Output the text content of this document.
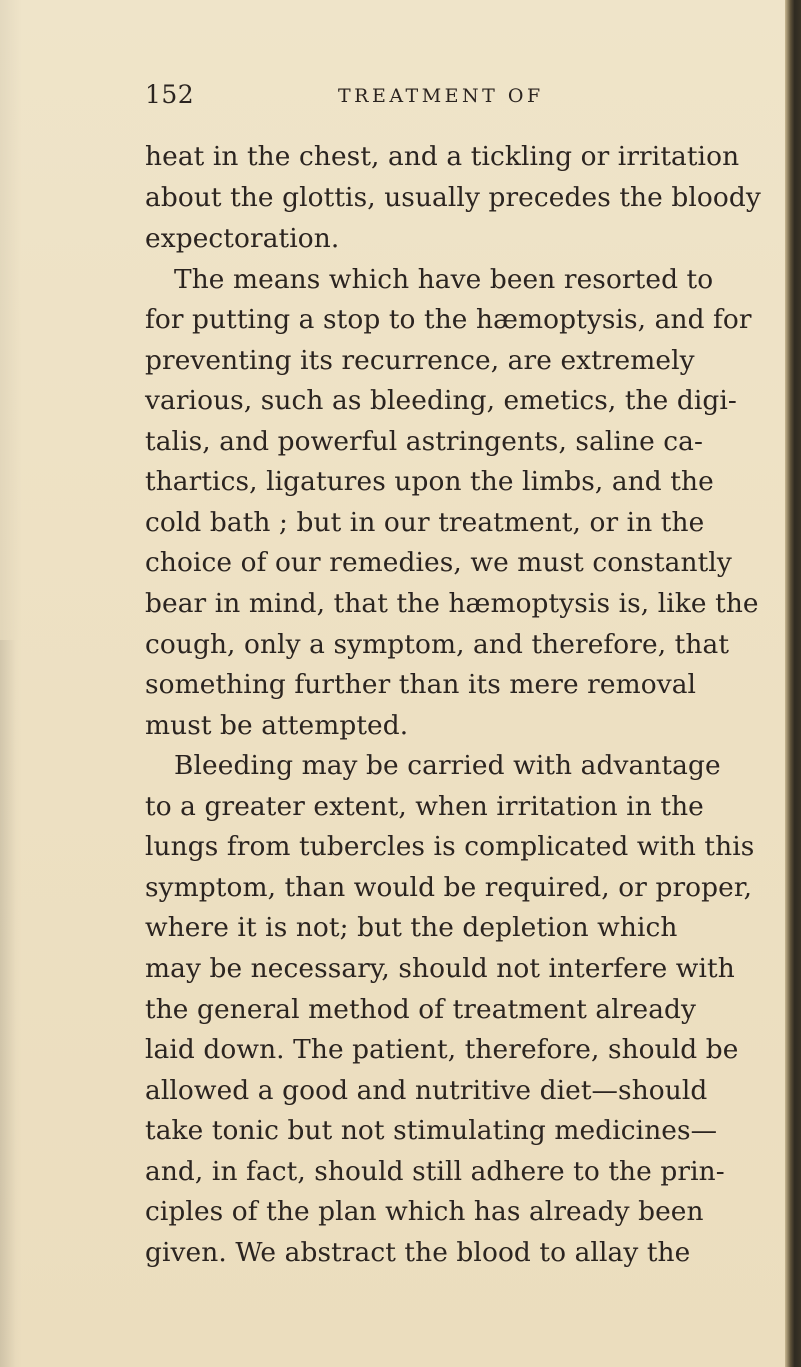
152	TREATMENT OF
heat in the chest, and a tickling or irritation
about the glottis, usually precedes the bloody
expectoration.
The means which have been resorted to
for putting a stop to the hæmoptysis, and for
preventing its recurrence, are extremely
various, such as bleeding, emetics, the digi-
talis, and powerful astringents, saline ca-
thartics, ligatures upon the limbs, and the
cold bath ; but in our treatment, or in the
choice of our remedies, we must constantly
bear in mind, that the hæmoptysis is, like the
cough, only a symptom, and therefore, that
something further than its mere removal
must be attempted.
Bleeding may be carried with advantage
to a greater extent, when irritation in the
lungs from tubercles is complicated with this
symptom, than would be required, or proper,
where it is not; but the depletion which
may be necessary, should not interfere with
the general method of treatment already
laid down. The patient, therefore, should be
allowed a good and nutritive diet—should
take tonic but not stimulating medicines—
and, in fact, should still adhere to the prin-
ciples of the plan which has already been
given. We abstract the blood to allay the
